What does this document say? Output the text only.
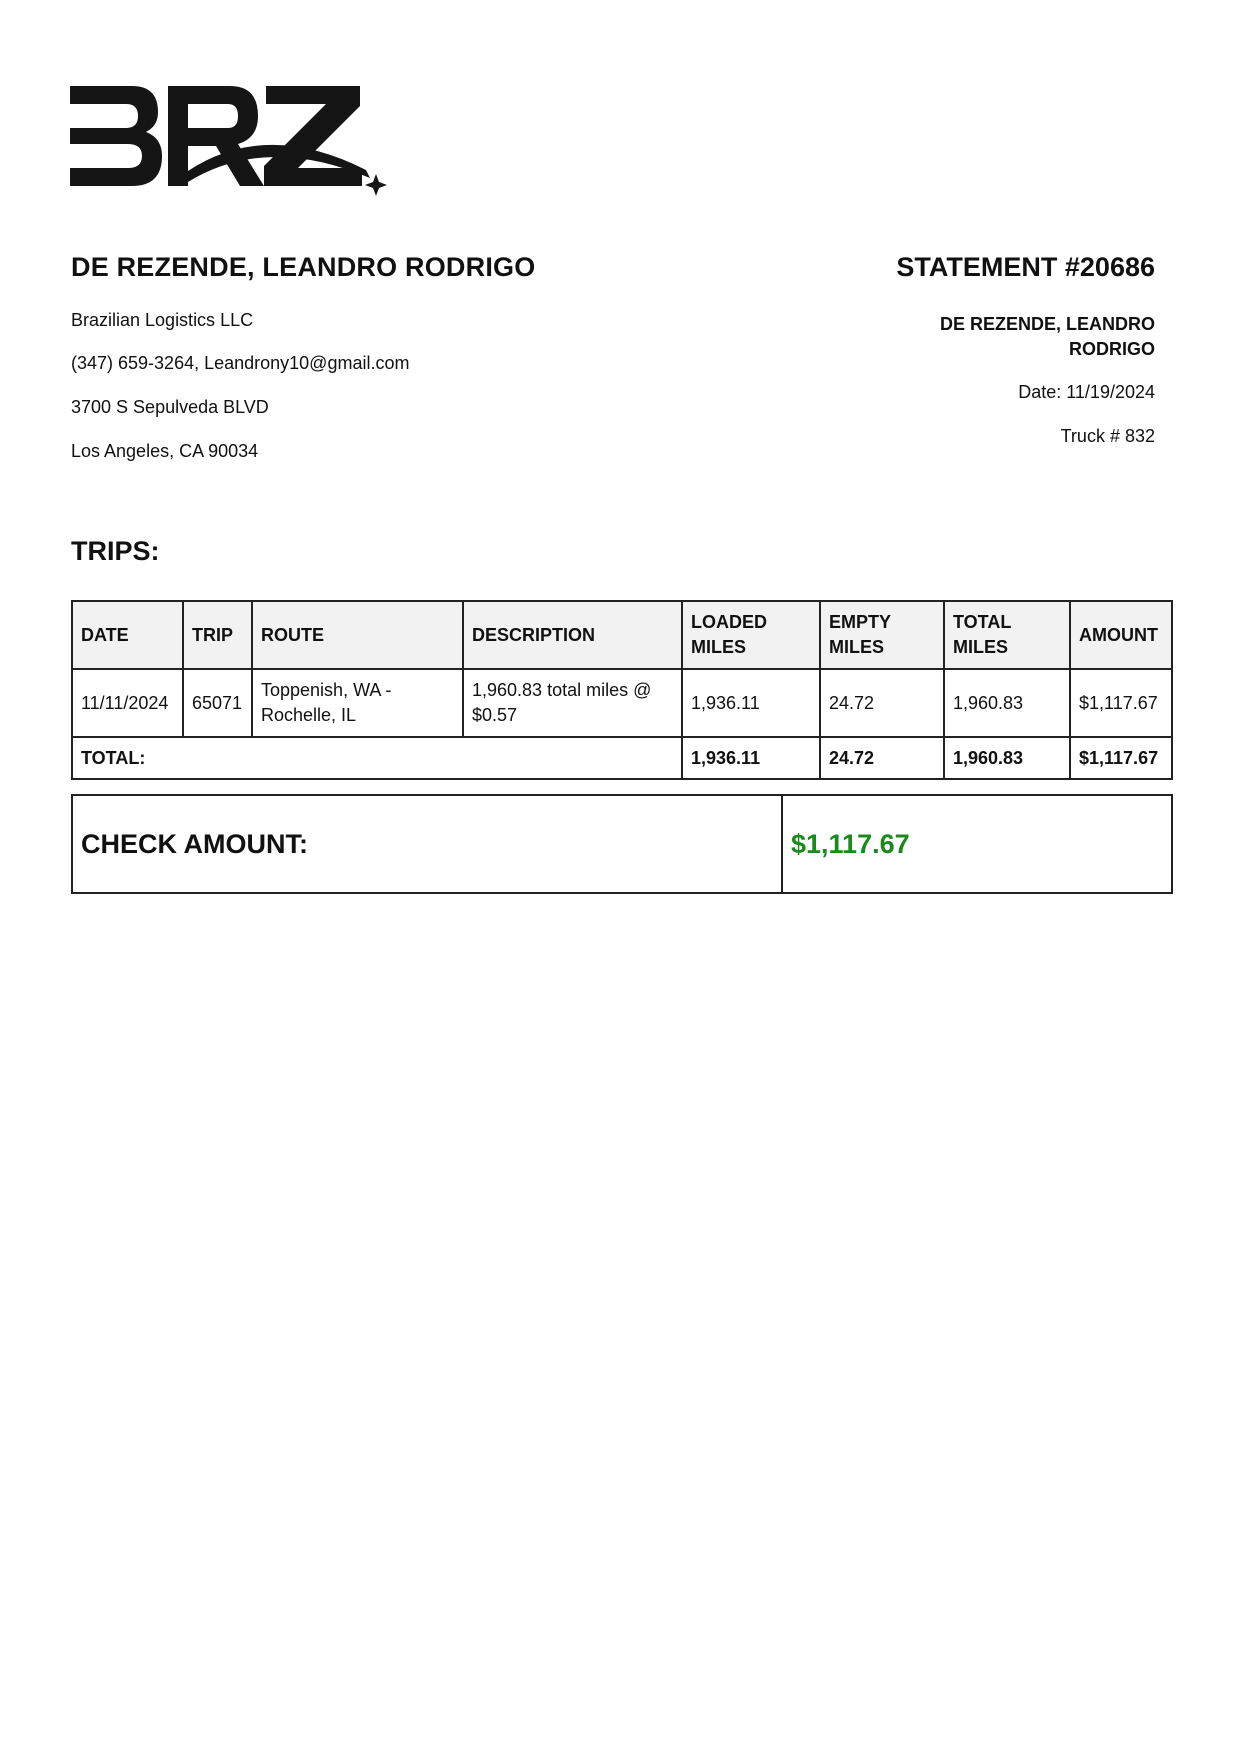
DE REZENDE, LEANDRO RODRIGO
Brazilian Logistics LLC
(347) 659-3264, Leandrony10@gmail.com
3700 S Sepulveda BLVD
Los Angeles, CA 90034
STATEMENT #20686
DE REZENDE, LEANDRO
RODRIGO
Date: 11/19/2024
Truck # 832
TRIPS:
DATE	TRIP	ROUTE	DESCRIPTION	LOADED MILES	EMPTY MILES	TOTAL MILES	AMOUNT
11/11/2024	65071	Toppenish, WA - Rochelle, IL	1,960.83 total miles @ $0.57	1,936.11	24.72	1,960.83	$1,117.67
TOTAL:				1,936.11	24.72	1,960.83	$1,117.67
CHECK AMOUNT:	$1,117.67
